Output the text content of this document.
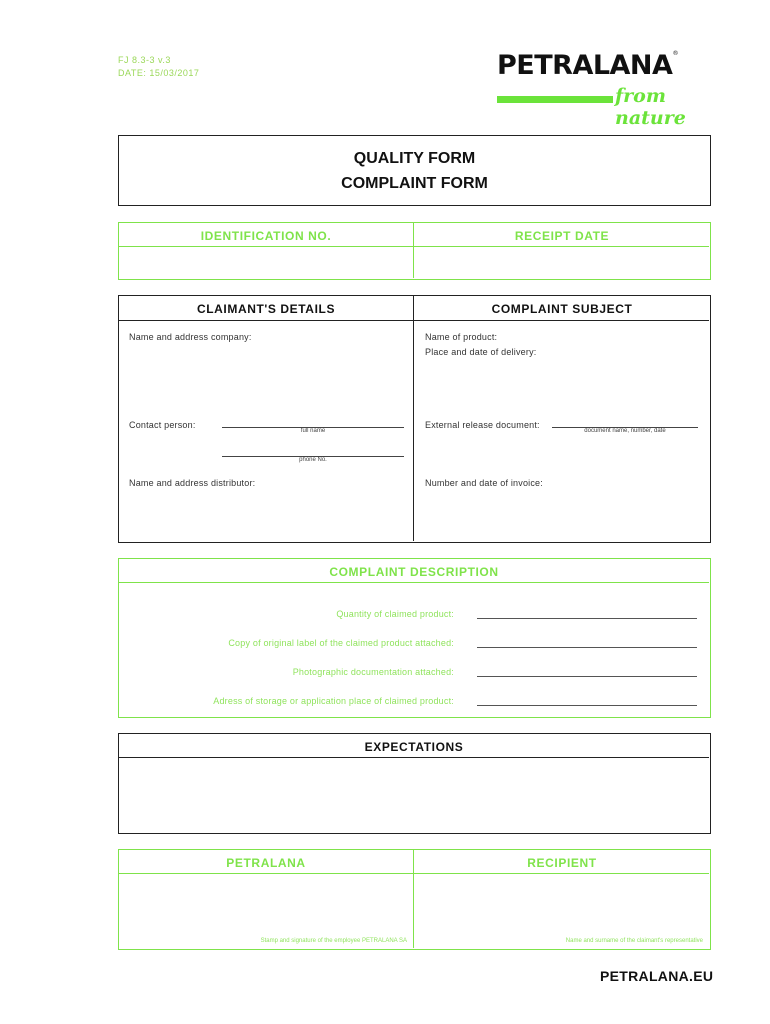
FJ 8.3-3 v.3
DATE: 15/03/2017	PETRALANA®
from nature
QUALITY FORM
COMPLAINT FORM
IDENTIFICATION NO.	RECEIPT DATE
CLAIMANT'S DETAILS	COMPLAINT SUBJECT
Name and address company:
Contact person:
full name
phone No.
Name and address distributor:
Name of product:
Place and date of delivery:
External release document:
document name, number, date
Number and date of invoice:
COMPLAINT DESCRIPTION
Quantity of claimed product:
Copy of original label of the claimed product attached:
Photographic documentation attached:
Adress of storage or application place of claimed product:
EXPECTATIONS
PETRALANA	RECIPIENT
Stamp and signature of the employee PETRALANA SA	Name and surname of the claimant's representative
PETRALANA.EU
